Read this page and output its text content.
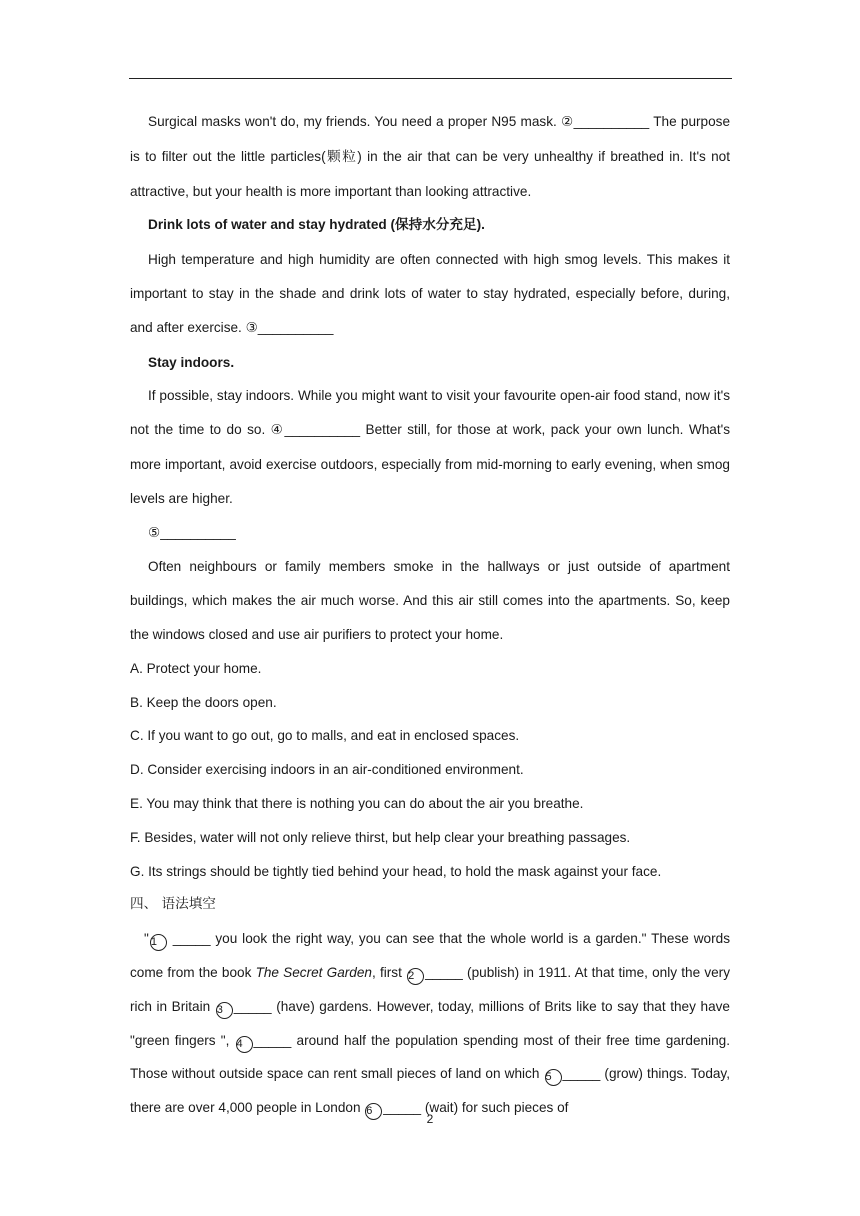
Surgical masks won't do, my friends. You need a proper N95 mask. ②__________ The purpose is to filter out the little particles(颗粒) in the air that can be very unhealthy if breathed in. It's not attractive, but your health is more important than looking attractive.

Drink lots of water and stay hydrated (保持水分充足).

High temperature and high humidity are often connected with high smog levels. This makes it important to stay in the shade and drink lots of water to stay hydrated, especially before, during, and after exercise. ③__________

Stay indoors.

If possible, stay indoors. While you might want to visit your favourite open-air food stand, now it's not the time to do so. ④__________ Better still, for those at work, pack your own lunch. What's more important, avoid exercise outdoors, especially from mid-morning to early evening, when smog levels are higher.

⑤__________

Often neighbours or family members smoke in the hallways or just outside of apartment buildings, which makes the air much worse. And this air still comes into the apartments. So, keep the windows closed and use air purifiers to protect your home.

A. Protect your home.

B. Keep the doors open.

C. If you want to go out, go to malls, and eat in enclosed spaces.

D. Consider exercising indoors in an air-conditioned environment.

E. You may think that there is nothing you can do about the air you breathe.

F. Besides, water will not only relieve thirst, but help clear your breathing passages.

G. Its strings should be tightly tied behind your head, to hold the mask against your face.

四、 语法填空

" 1 _____ you look the right way, you can see that the whole world is a garden." These words come from the book The Secret Garden, first 2 _____ (publish) in 1911. At that time, only the very rich in Britain 3 _____ (have) gardens. However, today, millions of Brits like to say that they have "green fingers ", 4 _____ around half the population spending most of their free time gardening. Those without outside space can rent small pieces of land on which 5 _____ (grow) things. Today, there are over 4,000 people in London 6 _____ (wait) for such pieces of

2
